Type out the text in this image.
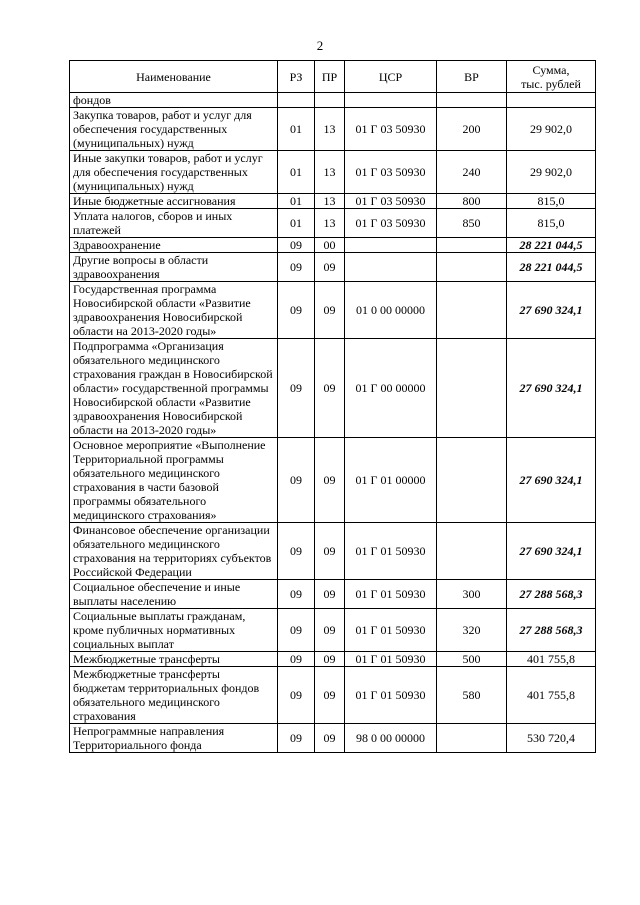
2
Наименование	РЗ	ПР	ЦСР	ВР	Сумма,
тыс. рублей

фондов					
Закупка товаров, работ и услуг для обеспечения государственных (муниципальных) нужд	01	13	01 Г 03 50930	200	29 902,0
Иные закупки товаров, работ и услуг для обеспечения государственных (муниципальных) нужд	01	13	01 Г 03 50930	240	29 902,0
Иные бюджетные ассигнования	01	13	01 Г 03 50930	800	815,0
Уплата налогов, сборов и иных платежей	01	13	01 Г 03 50930	850	815,0
Здравоохранение	09	00			28 221 044,5
Другие вопросы в области здравоохранения	09	09			28 221 044,5
Государственная программа Новосибирской области «Развитие здравоохранения Новосибирской области на 2013-2020 годы»	09	09	01 0 00 00000		27 690 324,1
Подпрограмма «Организация обязательного медицинского страхования граждан в Новосибирской области» государственной программы Новосибирской области «Развитие здравоохранения Новосибирской области на 2013-2020 годы»	09	09	01 Г 00 00000		27 690 324,1
Основное мероприятие «Выполнение Территориальной программы обязательного медицинского страхования в части базовой программы обязательного медицинского страхования»	09	09	01 Г 01 00000		27 690 324,1
Финансовое обеспечение организации обязательного медицинского страхования на территориях субъектов Российской Федерации	09	09	01 Г 01 50930		27 690 324,1
Социальное обеспечение и иные выплаты населению	09	09	01 Г 01 50930	300	27 288 568,3
Социальные выплаты гражданам, кроме публичных нормативных социальных выплат	09	09	01 Г 01 50930	320	27 288 568,3
Межбюджетные трансферты	09	09	01 Г 01 50930	500	401 755,8
Межбюджетные трансферты бюджетам территориальных фондов обязательного медицинского страхования	09	09	01 Г 01 50930	580	401 755,8
Непрограммные направления Территориального фонда	09	09	98 0 00 00000		530 720,4
